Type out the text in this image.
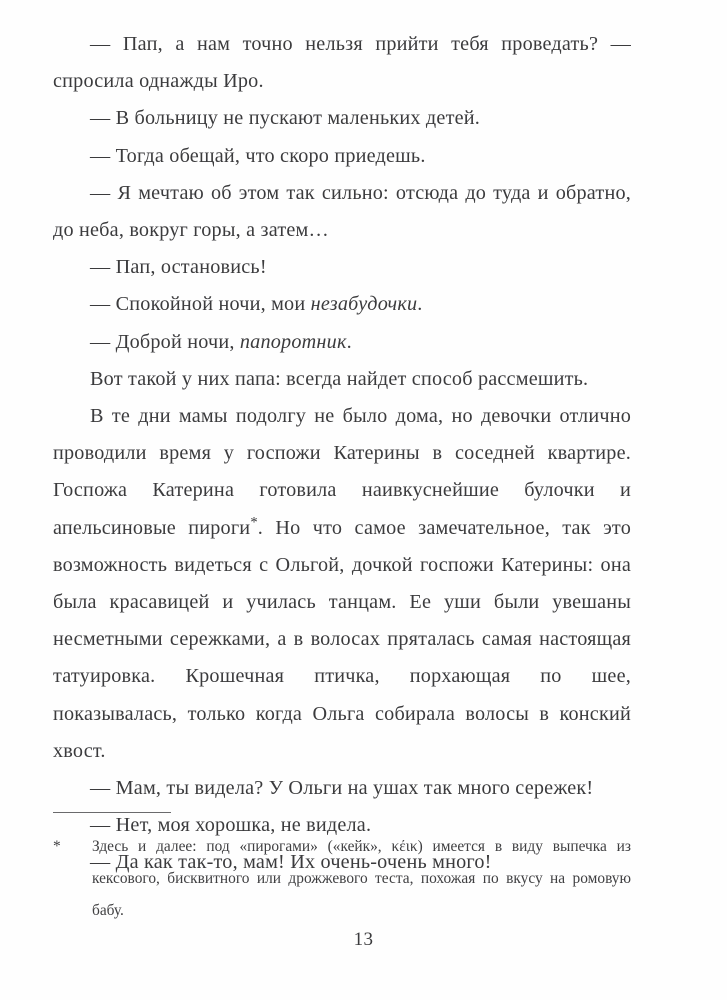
— Пап, а нам точно нельзя прийти тебя проведать? — спросила однажды Иро.

— В больницу не пускают маленьких детей.

— Тогда обещай, что скоро приедешь.

— Я мечтаю об этом так сильно: отсюда до туда и обратно, до неба, вокруг горы, а затем…

— Пап, остановись!

— Спокойной ночи, мои незабудочки.

— Доброй ночи, папоротник.

Вот такой у них папа: всегда найдет способ рассмешить.

В те дни мамы подолгу не было дома, но девочки отлично проводили время у госпожи Катерины в соседней квартире. Госпожа Катерина готовила наивкуснейшие булочки и апельсиновые пироги*. Но что самое замечательное, так это возможность видеться с Ольгой, дочкой госпожи Катерины: она была красавицей и училась танцам. Ее уши были увешаны несметными сережками, а в волосах пряталась самая настоящая татуировка. Крошечная птичка, порхающая по шее, показывалась, только когда Ольга собирала волосы в конский хвост.

— Мам, ты видела? У Ольги на ушах так много сережек!

— Нет, моя хорошка, не видела.

— Да как так-то, мам! Их очень-очень много!

*	Здесь и далее: под «пирогами» («кейк», κέικ) имеется в виду выпечка из кексового, бисквитного или дрожжевого теста, похожая по вкусу на ромовую бабу.
13
